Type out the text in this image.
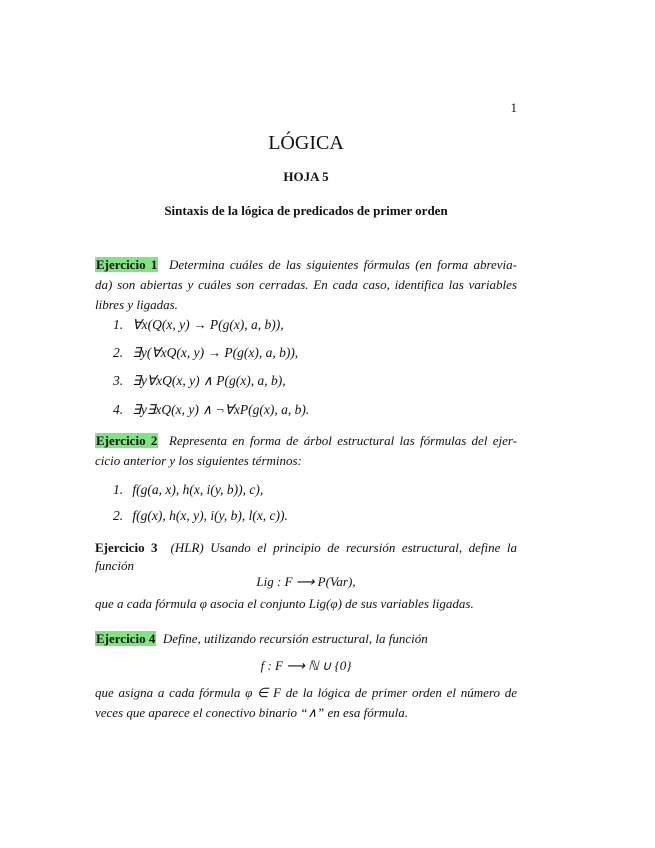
1
LÓGICA
HOJA 5
Sintaxis de la lógica de predicados de primer orden
Ejercicio 1 Determina cuáles de las siguientes fórmulas (en forma abrevia-
da) son abiertas y cuáles son cerradas. En cada caso, identifica las variables
libres y ligadas.
1. ∀x(Q(x, y) → P(g(x), a, b)),
2. ∃y(∀xQ(x, y) → P(g(x), a, b)),
3. ∃y∀xQ(x, y) ∧ P(g(x), a, b),
4. ∃y∃xQ(x, y) ∧ ¬∀xP(g(x), a, b).
Ejercicio 2 Representa en forma de árbol estructural las fórmulas del ejer-
cicio anterior y los siguientes términos:
1. f(g(a, x), h(x, i(y, b)), c),
2. f(g(x), h(x, y), i(y, b), l(x, c)).
Ejercicio 3 (HLR) Usando el principio de recursión estructural, define la
función
Lig : F ⟶ P(Var),
que a cada fórmula φ asocia el conjunto Lig(φ) de sus variables ligadas.
Ejercicio 4 Define, utilizando recursión estructural, la función
f : F ⟶ ℕ ∪ {0}
que asigna a cada fórmula φ ∈ F de la lógica de primer orden el número de
veces que aparece el conectivo binario “∧” en esa fórmula.
